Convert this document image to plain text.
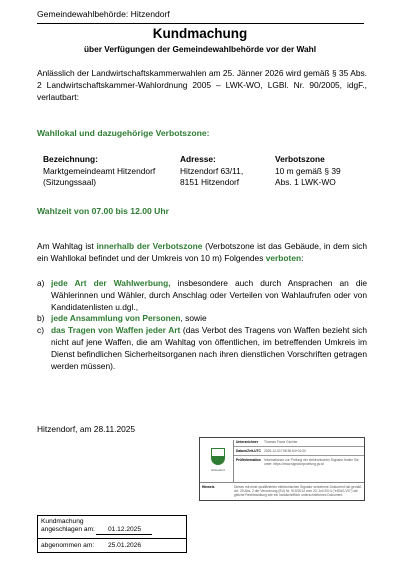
Gemeindewahlbehörde: Hitzendorf
Kundmachung
über Verfügungen der Gemeindewahlbehörde vor der Wahl
Anlässlich der Landwirtschaftskammerwahlen am 25. Jänner 2026 wird gemäß § 35 Abs. 2 Landwirtschaftskammer-Wahlordnung 2005 – LWK-WO, LGBl. Nr. 90/2005, idgF., verlautbart:
Wahllokal und dazugehörige Verbotszone:
Bezeichnung:
Marktgemeindeamt Hitzendorf
(Sitzungssaal)
Adresse:
Hitzendorf 63/11,
8151 Hitzendorf
Verbotszone
10 m gemäß § 39
Abs. 1 LWK-WO
Wahlzeit von 07.00 bis 12.00 Uhr
Am Wahltag ist innerhalb der Verbotszone (Verbotszone ist das Gebäude, in dem sich ein Wahllokal befindet und der Umkreis von 10 m) Folgendes verboten:
a) jede Art der Wahlwerbung, insbesondere auch durch Ansprachen an die Wählerinnen und Wähler, durch Anschlag oder Verteilen von Wahlaufrufen oder von Kandidatenlisten u.dgl.,
b) jede Ansammlung von Personen, sowie
c) das Tragen von Waffen jeder Art (das Verbot des Tragens von Waffen bezieht sich nicht auf jene Waffen, die am Wahltag von öffentlichen, im betreffenden Umkreis im Dienst befindlichen Sicherheitsorganen nach ihren dienstlichen Vorschriften getragen werden müssen).
Hitzendorf, am 28.11.2025
Hitzendorf
Unterzeichner	Thomas Franz Gschier
Datum/Zeit-UTC 2025-12-01T08:36:54+01:00
Prüfinformation Informationen zur Prüfung der elektronischen Signatur finden Sie unter: https://www.signaturpruefung.gv.at
Hinweis	Dieses mit einer qualifizierten elektronischen Signatur versehene Dokument hat gemäß Art. 25 Abs. 2 der Verordnung (EU) Nr. 910/2014 vom 23. Juli 2014 ("eIDAS-VO") die gleiche Rechtswirkung wie ein handschriftlich unterschriebenes Dokument.
Kundmachung
angeschlagen am: 01.12.2025
abgenommen am: 25.01.2026
